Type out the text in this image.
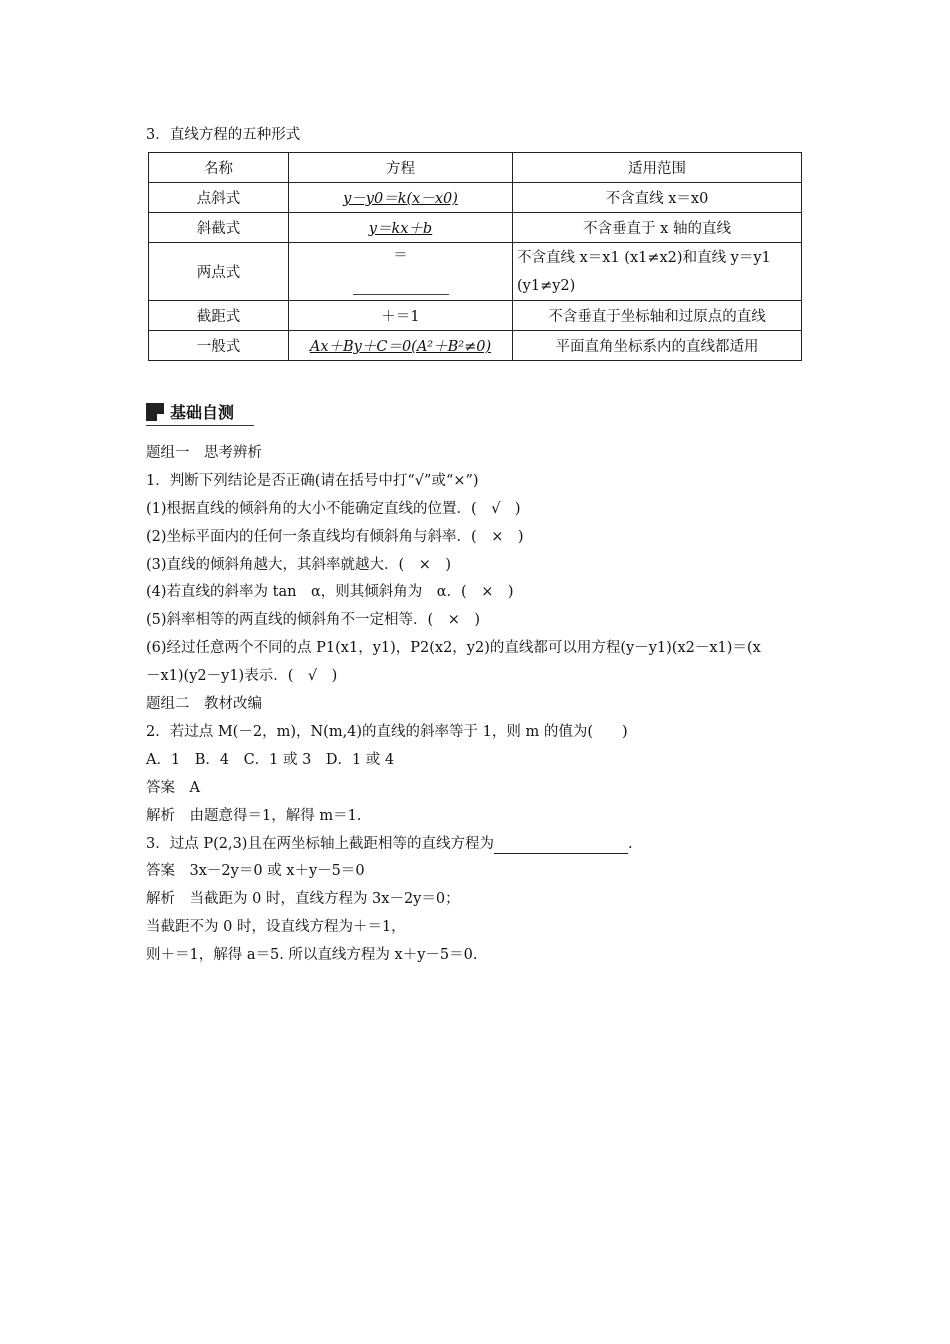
3．直线方程的五种形式
名称	方程	适用范围
点斜式	y－y0＝k(x－x0)	不含直线 x＝x0
斜截式	y＝kx＋b	不含垂直于 x 轴的直线
两点式	＝	不含直线 x＝x1 (x1≠x2)和直线 y＝y1 (y1≠y2)
截距式	＋＝1	不含垂直于坐标轴和过原点的直线
一般式	Ax＋By＋C＝0(A²＋B²≠0)	平面直角坐标系内的直线都适用
基础自测
题组一　思考辨析
1．判断下列结论是否正确(请在括号中打“√”或“×”)
(1)根据直线的倾斜角的大小不能确定直线的位置．(　√　)
(2)坐标平面内的任何一条直线均有倾斜角与斜率．(　×　)
(3)直线的倾斜角越大，其斜率就越大．(　×　)
(4)若直线的斜率为 tan　α，则其倾斜角为　α．(　×　)
(5)斜率相等的两直线的倾斜角不一定相等．(　×　)
(6)经过任意两个不同的点 P1(x1，y1)，P2(x2，y2)的直线都可以用方程(y－y1)(x2－x1)＝(x
－x1)(y2－y1)表示．(　√　)
题组二　教材改编
2．若过点 M(－2，m)，N(m,4)的直线的斜率等于 1，则 m 的值为(　　)
A．1　B．4　C．1 或 3　D．1 或 4
答案　A
解析　由题意得＝1，解得 m＝1.
3．过点 P(2,3)且在两坐标轴上截距相等的直线方程为	.
答案　3x－2y＝0 或 x＋y－5＝0
解析　当截距为 0 时，直线方程为 3x－2y＝0；
当截距不为 0 时，设直线方程为＋＝1，
则＋＝1，解得 a＝5. 所以直线方程为 x＋y－5＝0.
